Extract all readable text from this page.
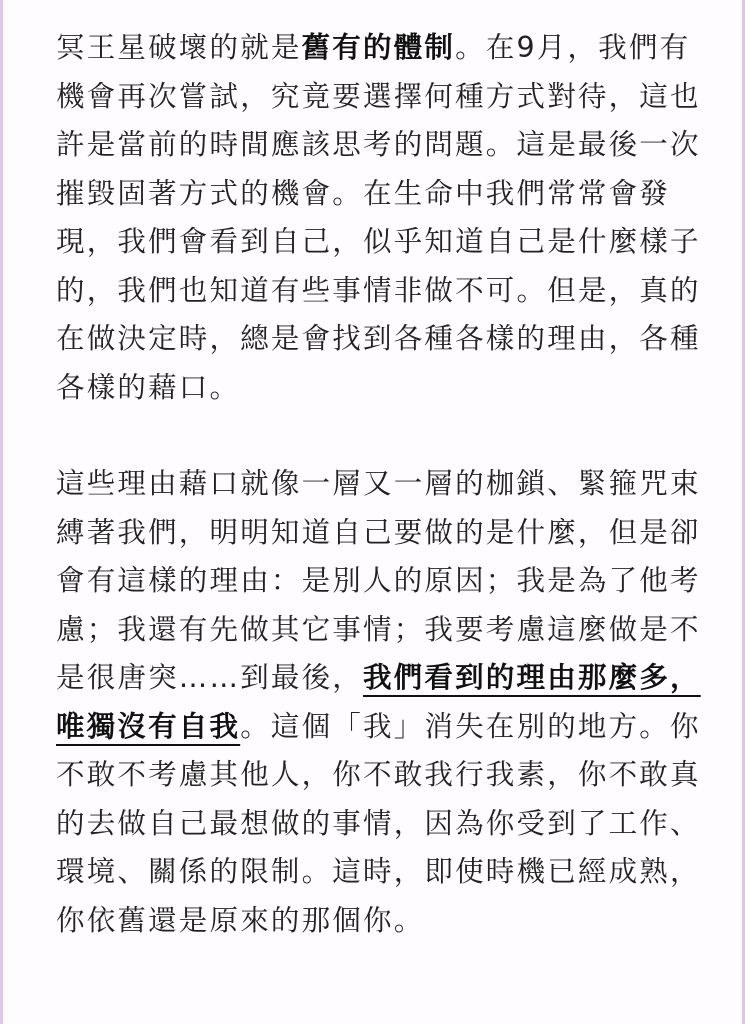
冥王星破壞的就是舊有的體制。在9月，我們有機會再次嘗試，究竟要選擇何種方式對待，這也許是當前的時間應該思考的問題。這是最後一次摧毀固著方式的機會。在生命中我們常常會發現，我們會看到自己，似乎知道自己是什麼樣子的，我們也知道有些事情非做不可。但是，真的在做決定時，總是會找到各種各樣的理由，各種各樣的藉口。

這些理由藉口就像一層又一層的枷鎖、緊箍咒束縛著我們，明明知道自己要做的是什麼，但是卻會有這樣的理由：是別人的原因；我是為了他考慮；我還有先做其它事情；我要考慮這麼做是不是很唐突……到最後，我們看到的理由那麼多，唯獨沒有自我。這個「我」消失在別的地方。你不敢不考慮其他人，你不敢我行我素，你不敢真的去做自己最想做的事情，因為你受到了工作、環境、關係的限制。這時，即使時機已經成熟，你依舊還是原來的那個你。
